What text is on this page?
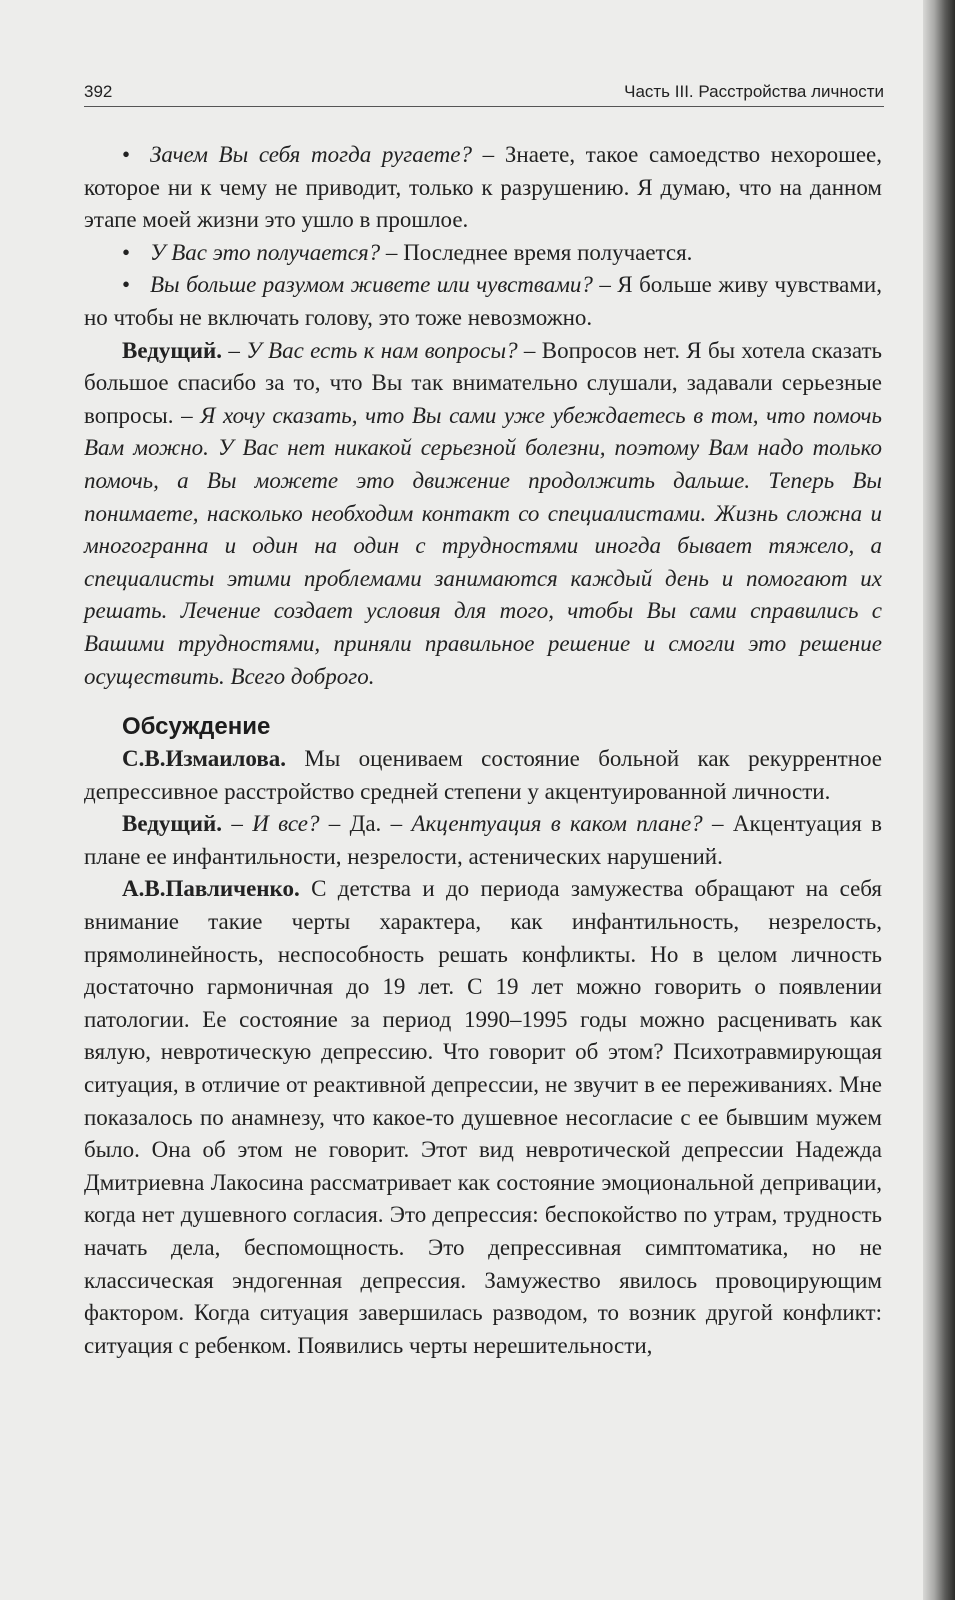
392	Часть III. Расстройства личности

• Зачем Вы себя тогда ругаете? – Знаете, такое самоедство нехорошее, которое ни к чему не приводит, только к разрушению. Я думаю, что на данном этапе моей жизни это ушло в прошлое.

• У Вас это получается? – Последнее время получается.

• Вы больше разумом живете или чувствами? – Я больше живу чувствами, но чтобы не включать голову, это тоже невозможно.

Ведущий. – У Вас есть к нам вопросы? – Вопросов нет. Я бы хотела сказать большое спасибо за то, что Вы так внимательно слушали, задавали серьезные вопросы. – Я хочу сказать, что Вы сами уже убеждаетесь в том, что помочь Вам можно. У Вас нет никакой серьезной болезни, поэтому Вам надо только помочь, а Вы можете это движение продолжить дальше. Теперь Вы понимаете, насколько необходим контакт со специалистами. Жизнь сложна и многогранна и один на один с трудностями иногда бывает тяжело, а специалисты этими проблемами занимаются каждый день и помогают их решать. Лечение создает условия для того, чтобы Вы сами справились с Вашими трудностями, приняли правильное решение и смогли это решение осуществить. Всего доброго.

Обсуждение

С.В.Измаилова. Мы оцениваем состояние больной как рекуррентное депрессивное расстройство средней степени у акцентуированной личности.

Ведущий. – И все? – Да. – Акцентуация в каком плане? – Акцентуация в плане ее инфантильности, незрелости, астенических нарушений.

А.В.Павличенко. С детства и до периода замужества обращают на себя внимание такие черты характера, как инфантильность, незрелость, прямолинейность, неспособность решать конфликты. Но в целом личность достаточно гармоничная до 19 лет. С 19 лет можно говорить о появлении патологии. Ее состояние за период 1990–1995 годы можно расценивать как вялую, невротическую депрессию. Что говорит об этом? Психотравмирующая ситуация, в отличие от реактивной депрессии, не звучит в ее переживаниях. Мне показалось по анамнезу, что какое-то душевное несогласие с ее бывшим мужем было. Она об этом не говорит. Этот вид невротической депрессии Надежда Дмитриевна Лакосина рассматривает как состояние эмоциональной депривации, когда нет душевного согласия. Это депрессия: беспокойство по утрам, трудность начать дела, беспомощность. Это депрессивная симптоматика, но не классическая эндогенная депрессия. Замужество явилось провоцирующим фактором. Когда ситуация завершилась разводом, то возник другой конфликт: ситуация с ребенком. Появились черты нерешительности,
